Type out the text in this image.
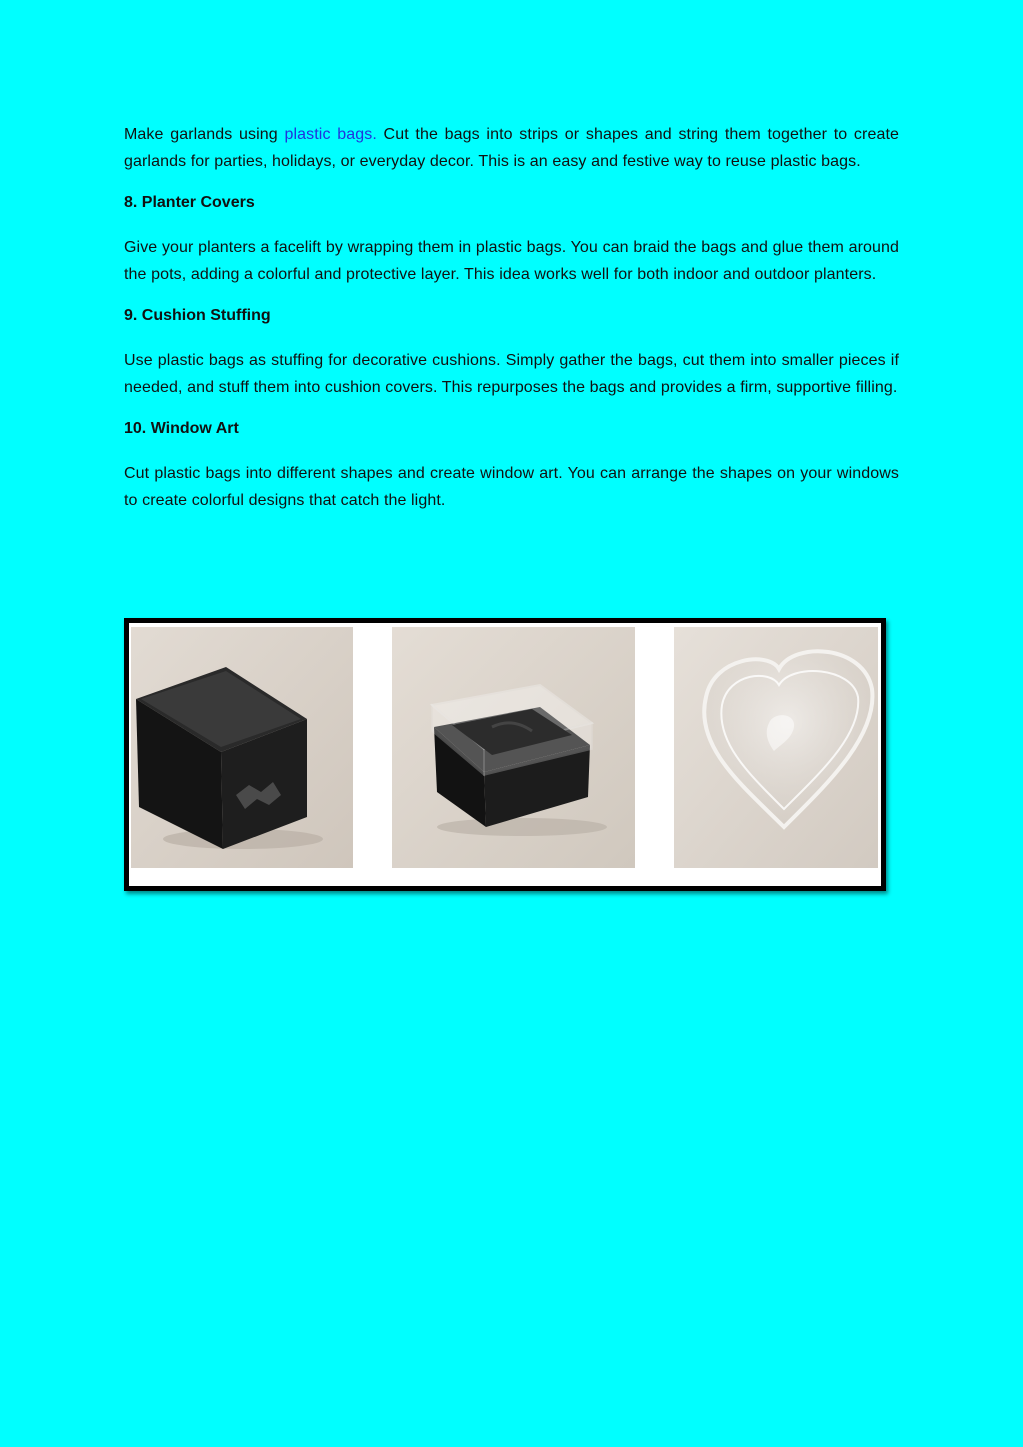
Make garlands using plastic bags. Cut the bags into strips or shapes and string them together to create garlands for parties, holidays, or everyday decor. This is an easy and festive way to reuse plastic bags.

8. Planter Covers

Give your planters a facelift by wrapping them in plastic bags. You can braid the bags and glue them around the pots, adding a colorful and protective layer. This idea works well for both indoor and outdoor planters.

9. Cushion Stuffing

Use plastic bags as stuffing for decorative cushions. Simply gather the bags, cut them into smaller pieces if needed, and stuff them into cushion covers. This repurposes the bags and provides a firm, supportive filling.

10. Window Art

Cut plastic bags into different shapes and create window art. You can arrange the shapes on your windows to create colorful designs that catch the light.
